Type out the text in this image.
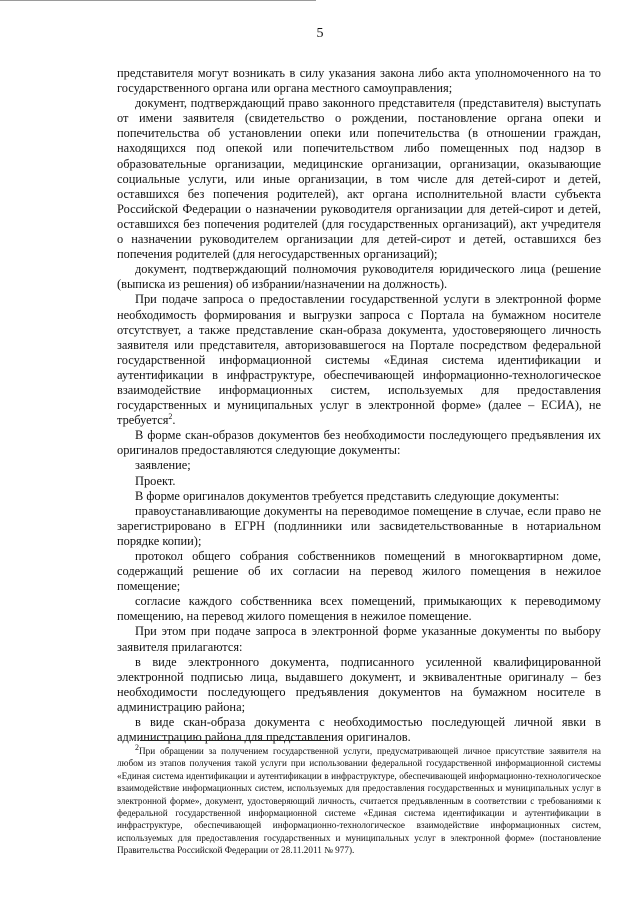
5

представителя могут возникать в силу указания закона либо акта уполномоченного на то государственного органа или органа местного самоуправления;

документ, подтверждающий право законного представителя (представителя) выступать от имени заявителя (свидетельство о рождении, постановление органа опеки и попечительства об установлении опеки или попечительства (в отношении граждан, находящихся под опекой или попечительством либо помещенных под надзор в образовательные организации, медицинские организации, организации, оказывающие социальные услуги, или иные организации, в том числе для детей-сирот и детей, оставшихся без попечения родителей), акт органа исполнительной власти субъекта Российской Федерации о назначении руководителя организации для детей-сирот и детей, оставшихся без попечения родителей (для государственных организаций), акт учредителя о назначении руководителем организации для детей-сирот и детей, оставшихся без попечения родителей (для негосударственных организаций);

документ, подтверждающий полномочия руководителя юридического лица (решение (выписка из решения) об избрании/назначении на должность).

При подаче запроса о предоставлении государственной услуги в электронной форме необходимость формирования и выгрузки запроса с Портала на бумажном носителе отсутствует, а также представление скан-образа документа, удостоверяющего личность заявителя или представителя, авторизовавшегося на Портале посредством федеральной государственной информационной системы «Единая система идентификации и аутентификации в инфраструктуре, обеспечивающей информационно-технологическое взаимодействие информационных систем, используемых для предоставления государственных и муниципальных услуг в электронной форме» (далее – ЕСИА), не требуется$^2$.

В форме скан-образов документов без необходимости последующего предъявления их оригиналов предоставляются следующие документы:

заявление;

Проект.

В форме оригиналов документов требуется представить следующие документы:

правоустанавливающие документы на переводимое помещение в случае, если право не зарегистрировано в ЕГРН (подлинники или засвидетельствованные в нотариальном порядке копии);

протокол общего собрания собственников помещений в многоквартирном доме, содержащий решение об их согласии на перевод жилого помещения в нежилое помещение;

согласие каждого собственника всех помещений, примыкающих к переводимому помещению, на перевод жилого помещения в нежилое помещение.

При этом при подаче запроса в электронной форме указанные документы по выбору заявителя прилагаются:

в виде электронного документа, подписанного усиленной квалифицированной электронной подписью лица, выдавшего документ, и эквивалентные оригиналу – без необходимости последующего предъявления документов на бумажном носителе в администрацию района;

в виде скан-образа документа с необходимостью последующей личной явки в администрацию района для представления оригиналов.

$^2$При обращении за получением государственной услуги, предусматривающей личное присутствие заявителя на любом из этапов получения такой услуги при использовании федеральной государственной информационной системы «Единая система идентификации и аутентификации в инфраструктуре, обеспечивающей информационно-технологическое взаимодействие информационных систем, используемых для предоставления государственных и муниципальных услуг в электронной форме», документ, удостоверяющий личность, считается предъявленным в соответствии с требованиями к федеральной государственной информационной системе «Единая система идентификации и аутентификации в инфраструктуре, обеспечивающей информационно-технологическое взаимодействие информационных систем, используемых для предоставления государственных и муниципальных услуг в электронной форме» (постановление Правительства Российской Федерации от 28.11.2011 № 977).
